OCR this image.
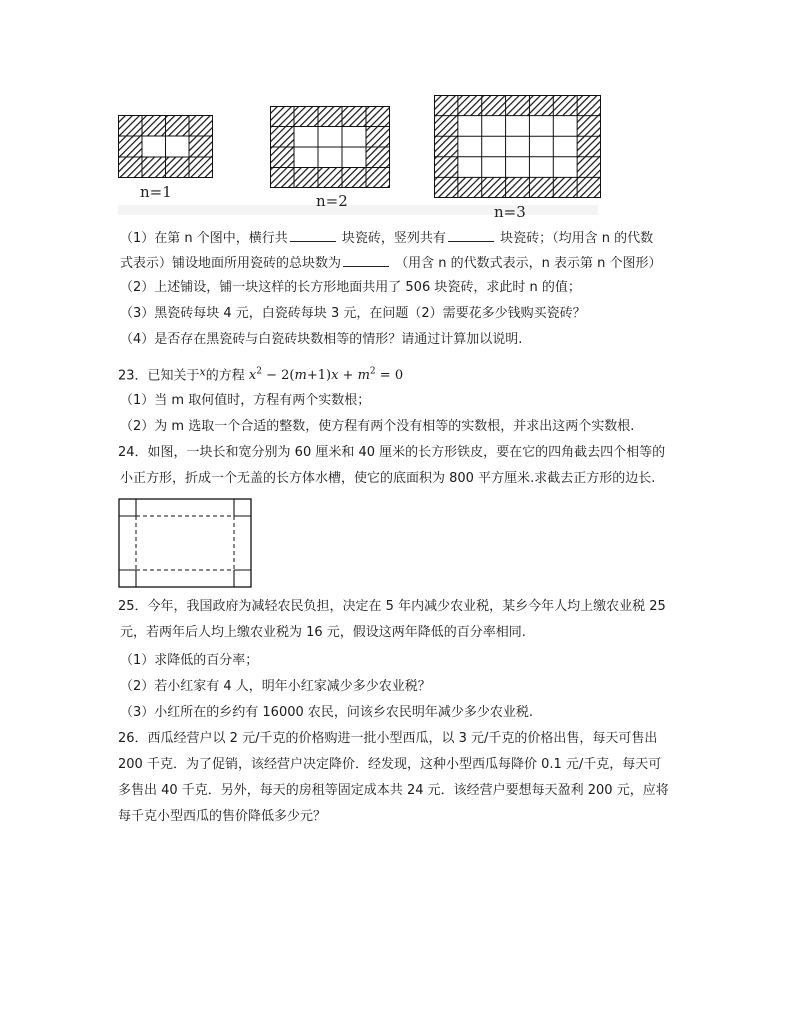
n=1	n=2
n=3
（1）在第 n 个图中，横行共	块瓷砖，竖列共有	块瓷砖；（均用含 n 的代数
式表示）铺设地面所用瓷砖的总块数为	（用含 n 的代数式表示，n 表示第 n 个图形）
（2）上述铺设，铺一块这样的长方形地面共用了 506 块瓷砖，求此时 n 的值；
（3）黑瓷砖每块 4 元，白瓷砖每块 3 元，在问题（2）需要花多少钱购买瓷砖？
（4）是否存在黑瓷砖与白瓷砖块数相等的情形？请通过计算加以说明.
23．已知关于$^x$的方程 $x^2 - 2(m+1)x + m^2 = 0$
（1）当 m 取何值时，方程有两个实数根；
（2）为 m 选取一个合适的整数，使方程有两个没有相等的实数根，并求出这两个实数根.
24．如图，一块长和宽分别为 60 厘米和 40 厘米的长方形铁皮，要在它的四角截去四个相等的
小正方形，折成一个无盖的长方体水槽，使它的底面积为 800 平方厘米.求截去正方形的边长.
25．今年，我国政府为减轻农民负担，决定在 5 年内减少农业税，某乡今年人均上缴农业税 25
元，若两年后人均上缴农业税为 16 元，假设这两年降低的百分率相同.
（1）求降低的百分率；
（2）若小红家有 4 人，明年小红家减少多少农业税？
（3）小红所在的乡约有 16000 农民，问该乡农民明年减少多少农业税.
26．西瓜经营户以 2 元/千克的价格购进一批小型西瓜，以 3 元/千克的价格出售，每天可售出
200 千克．为了促销，该经营户决定降价．经发现，这种小型西瓜每降价 0.1 元/千克，每天可
多售出 40 千克．另外，每天的房租等固定成本共 24 元．该经营户要想每天盈利 200 元，应将
每千克小型西瓜的售价降低多少元？
